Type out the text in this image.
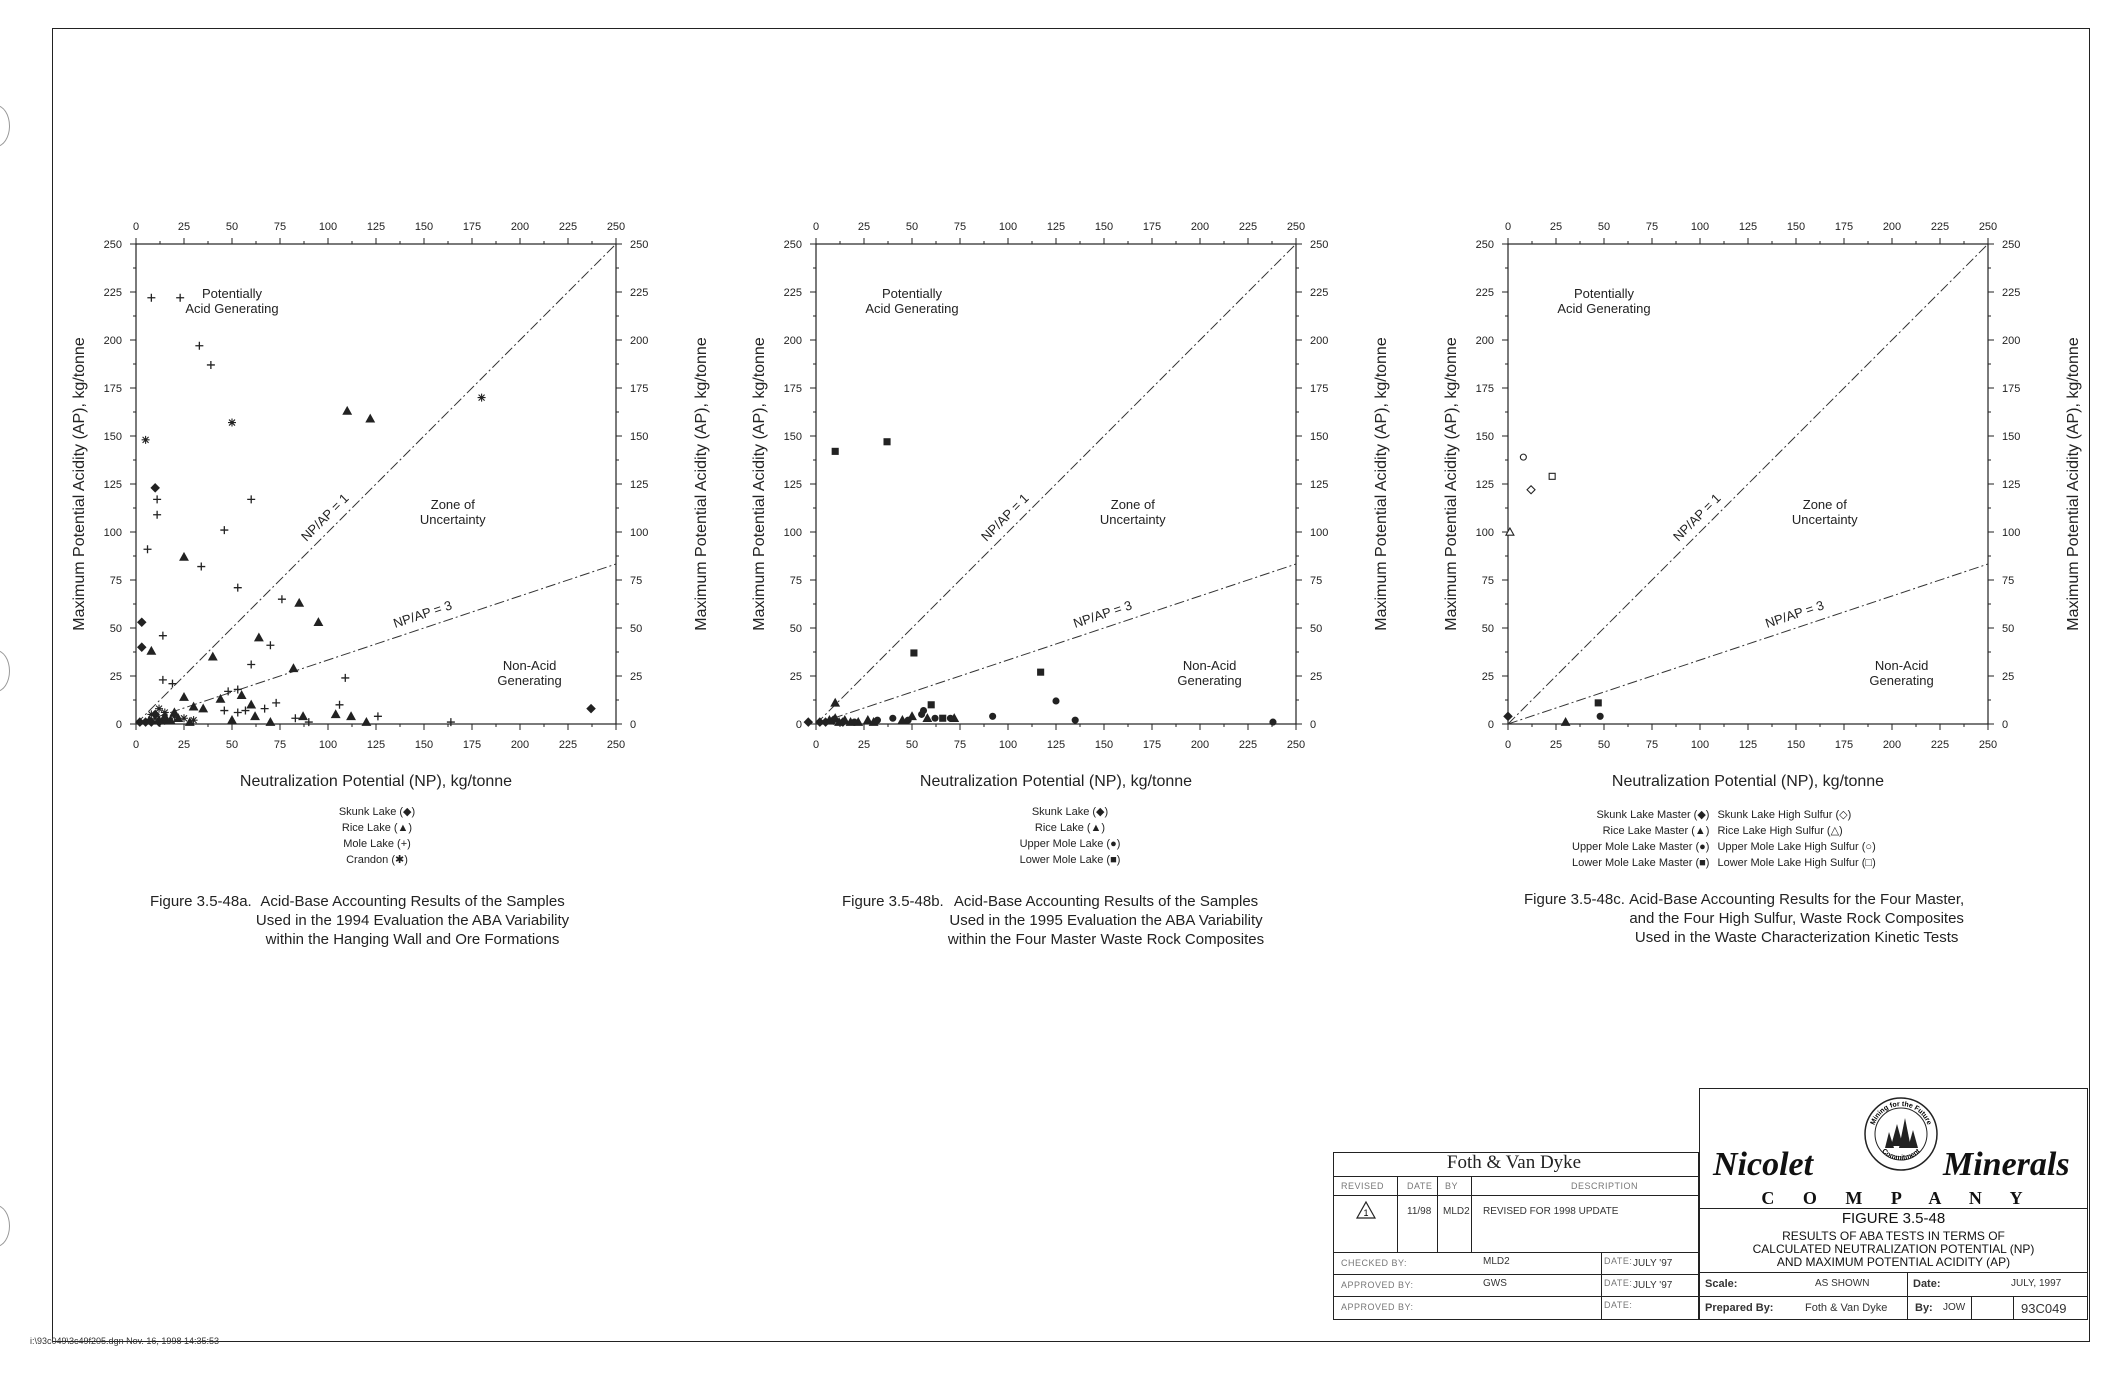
0
0
0	0
25
25
25	25
50
50
50	50
75
75
75	75
100
100
100	100
125
125
125	125
150
150
150	150
175
175
175	175
200
200
200	200
225
225
225	225
250
250
250	250
Neutralization Potential (NP), kg/tonne
Maximum Potential Acidity (AP), kg/tonne	Maximum Potential Acidity (AP), kg/tonne
NP/AP = 1
NP/AP = 3
Potentially
Acid Generating
Zone of
Uncertainty
Non-Acid
Generating
0
0
0	0
25
25
25	25
50
50
50	50
75
75
75	75
100
100
100	100
125
125
125	125
150
150
150	150
175
175
175	175
200
200
200	200
225
225
225	225
250
250
250	250
Neutralization Potential (NP), kg/tonne
Maximum Potential Acidity (AP), kg/tonne	Maximum Potential Acidity (AP), kg/tonne
NP/AP = 1
NP/AP = 3
Potentially
Acid Generating
Zone of
Uncertainty
Non-Acid
Generating
0
0
0	0
25
25
25	25
50
50
50	50
75
75
75	75
100
100
100	100
125
125
125	125
150
150
150	150
175
175
175	175
200
200
200	200
225
225
225	225
250
250
250	250
Neutralization Potential (NP), kg/tonne
Maximum Potential Acidity (AP), kg/tonne	Maximum Potential Acidity (AP), kg/tonne
NP/AP = 1
NP/AP = 3
Potentially
Acid Generating
Zone of
Uncertainty
Non-Acid
Generating
Skunk Lake (◆)
Rice Lake (▲)
Mole Lake (+)
Crandon (✱)
Skunk Lake (◆)
Rice Lake (▲)
Upper Mole Lake (●)
Lower Mole Lake (■)
Skunk Lake Master (◆)
Rice Lake Master (▲)
Upper Mole Lake Master (●)
Lower Mole Lake Master (■)
Skunk Lake High Sulfur (◇)
Rice Lake High Sulfur (△)
Upper Mole Lake High Sulfur (○)
Lower Mole Lake High Sulfur (□)
Figure 3.5-48a. Acid-Base Accounting Results of the Samples
Used in the 1994 Evaluation the ABA Variability
within the Hanging Wall and Ore Formations
Figure 3.5-48b. Acid-Base Accounting Results of the Samples
Used in the 1995 Evaluation the ABA Variability
within the Four Master Waste Rock Composites
Figure 3.5-48c. Acid-Base Accounting Results for the Four Master,
and the Four High Sulfur, Waste Rock Composites
Used in the Waste Characterization Kinetic Tests
Foth & Van Dyke
REVISED	DATE BY	DESCRIPTION
1	11/98 MLD2 REVISED FOR 1998 UPDATE
CHECKED BY:	MLD2	DATE: JULY '97
APPROVED BY:	GWS	DATE: JULY '97
APPROVED BY:	DATE:
Nicolet	Minerals
Mining for the Future
Commitment
C O M P A N Y
FIGURE 3.5-48
RESULTS OF ABA TESTS IN TERMS OF
CALCULATED NEUTRALIZATION POTENTIAL (NP)
AND MAXIMUM POTENTIAL ACIDITY (AP)
Scale:	AS SHOWN	Date:	JULY, 1997
Prepared By:	Foth & Van Dyke	By: JOW	93C049
i:\93c049\3c49f205.dgn Nov. 16, 1998 14:35:53
